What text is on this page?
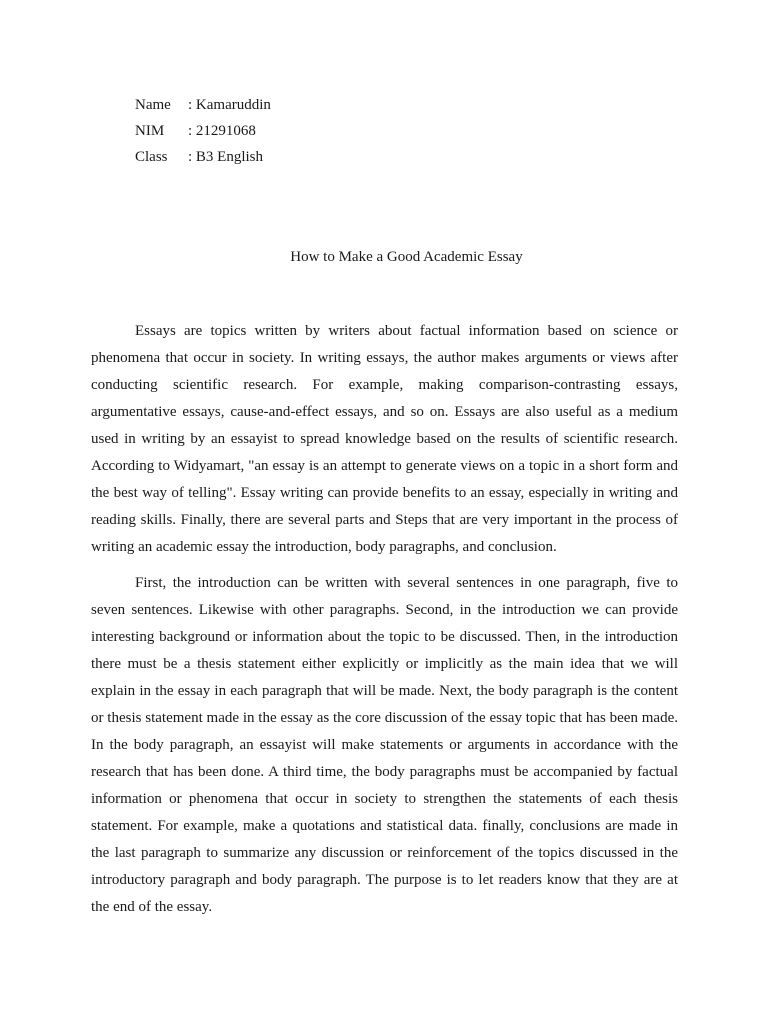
Name	: Kamaruddin
NIM	: 21291068
Class	: B3 English
How to Make a Good Academic Essay

Essays are topics written by writers about factual information based on science or phenomena that occur in society. In writing essays, the author makes arguments or views after conducting scientific research. For example, making comparison-contrasting essays, argumentative essays, cause-and-effect essays, and so on. Essays are also useful as a medium used in writing by an essayist to spread knowledge based on the results of scientific research. According to Widyamart, "an essay is an attempt to generate views on a topic in a short form and the best way of telling". Essay writing can provide benefits to an essay, especially in writing and reading skills. Finally, there are several parts and Steps that are very important in the process of writing an academic essay the introduction, body paragraphs, and conclusion.

First, the introduction can be written with several sentences in one paragraph, five to seven sentences. Likewise with other paragraphs. Second, in the introduction we can provide interesting background or information about the topic to be discussed. Then, in the introduction there must be a thesis statement either explicitly or implicitly as the main idea that we will explain in the essay in each paragraph that will be made. Next, the body paragraph is the content or thesis statement made in the essay as the core discussion of the essay topic that has been made. In the body paragraph, an essayist will make statements or arguments in accordance with the research that has been done. A third time, the body paragraphs must be accompanied by factual information or phenomena that occur in society to strengthen the statements of each thesis statement. For example, make a quotations and statistical data. finally, conclusions are made in the last paragraph to summarize any discussion or reinforcement of the topics discussed in the introductory paragraph and body paragraph. The purpose is to let readers know that they are at the end of the essay.
